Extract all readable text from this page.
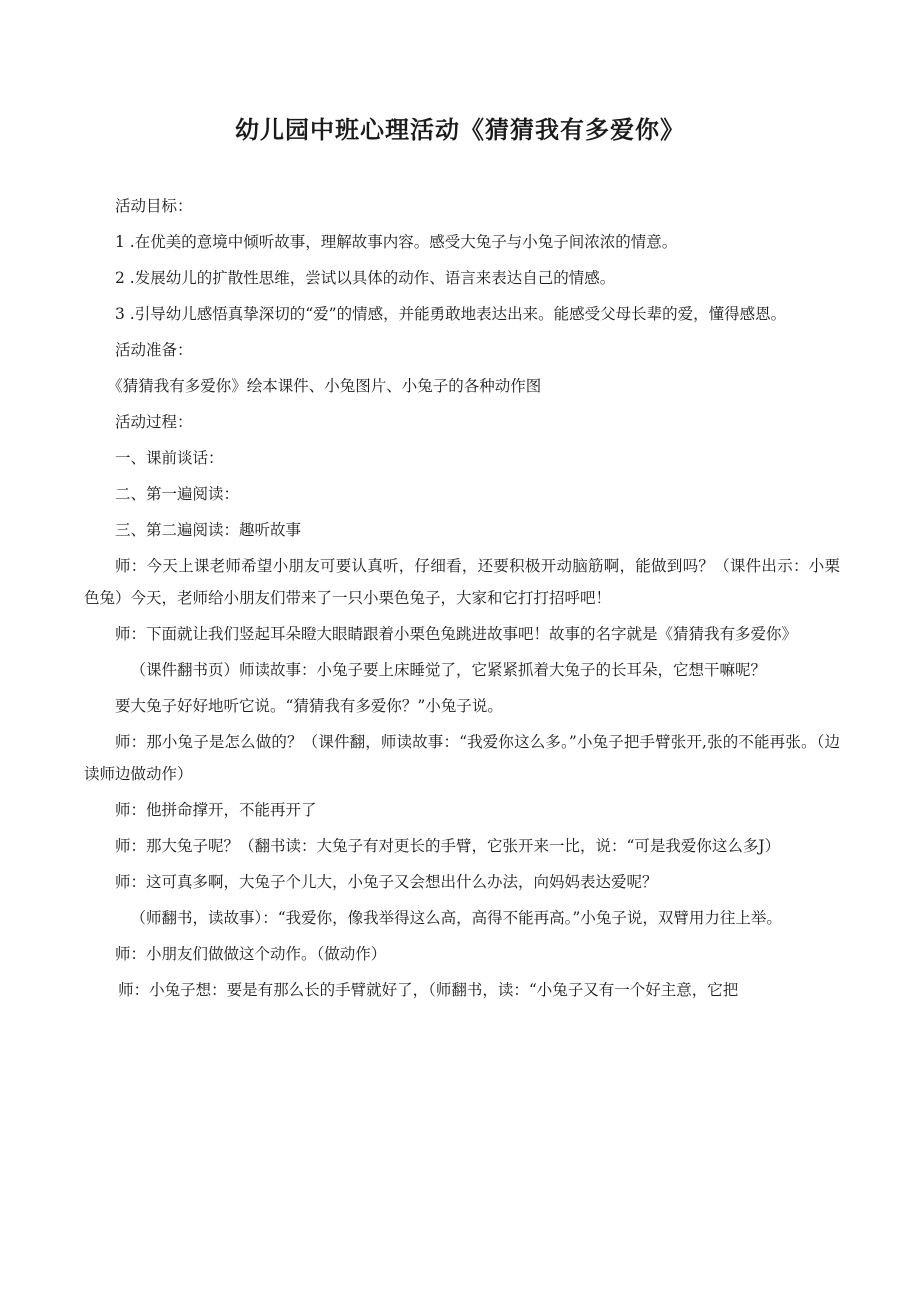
幼儿园中班心理活动《猜猜我有多爱你》

活动目标：

1 .在优美的意境中倾听故事，理解故事内容。感受大兔子与小兔子间浓浓的情意。

2 .发展幼儿的扩散性思维，尝试以具体的动作、语言来表达自己的情感。

3 .引导幼儿感悟真挚深切的“爱”的情感，并能勇敢地表达出来。能感受父母长辈的爱，懂得感恩。

活动准备：

《猜猜我有多爱你》绘本课件、小兔图片、小兔子的各种动作图

活动过程：

一、课前谈话：

二、第一遍阅读：

三、第二遍阅读：趣听故事

师：今天上课老师希望小朋友可要认真听，仔细看，还要积极开动脑筋啊，能做到吗？（课件出示：小栗色兔）今天，老师给小朋友们带来了一只小栗色兔子，大家和它打打招呼吧！

师：下面就让我们竖起耳朵瞪大眼睛跟着小栗色兔跳进故事吧！故事的名字就是《猜猜我有多爱你》

（课件翻书页）师读故事：小兔子要上床睡觉了，它紧紧抓着大兔子的长耳朵，它想干嘛呢？

要大兔子好好地听它说。“猜猜我有多爱你？”小兔子说。

师：那小兔子是怎么做的？（课件翻，师读故事：“我爱你这么多。”小兔子把手臂张开,张的不能再张。（边读师边做动作）

师：他拼命撑开，不能再开了

师：那大兔子呢？（翻书读：大兔子有对更长的手臂，它张开来一比，说：“可是我爱你这么多J）

师：这可真多啊，大兔子个儿大，小兔子又会想出什么办法，向妈妈表达爱呢？

（师翻书，读故事）：“我爱你，像我举得这么高，高得不能再高。”小兔子说，双臂用力往上举。

师：小朋友们做做这个动作。（做动作）

师：小兔子想：要是有那么长的手臂就好了，（师翻书，读：“小兔子又有一个好主意，它把
